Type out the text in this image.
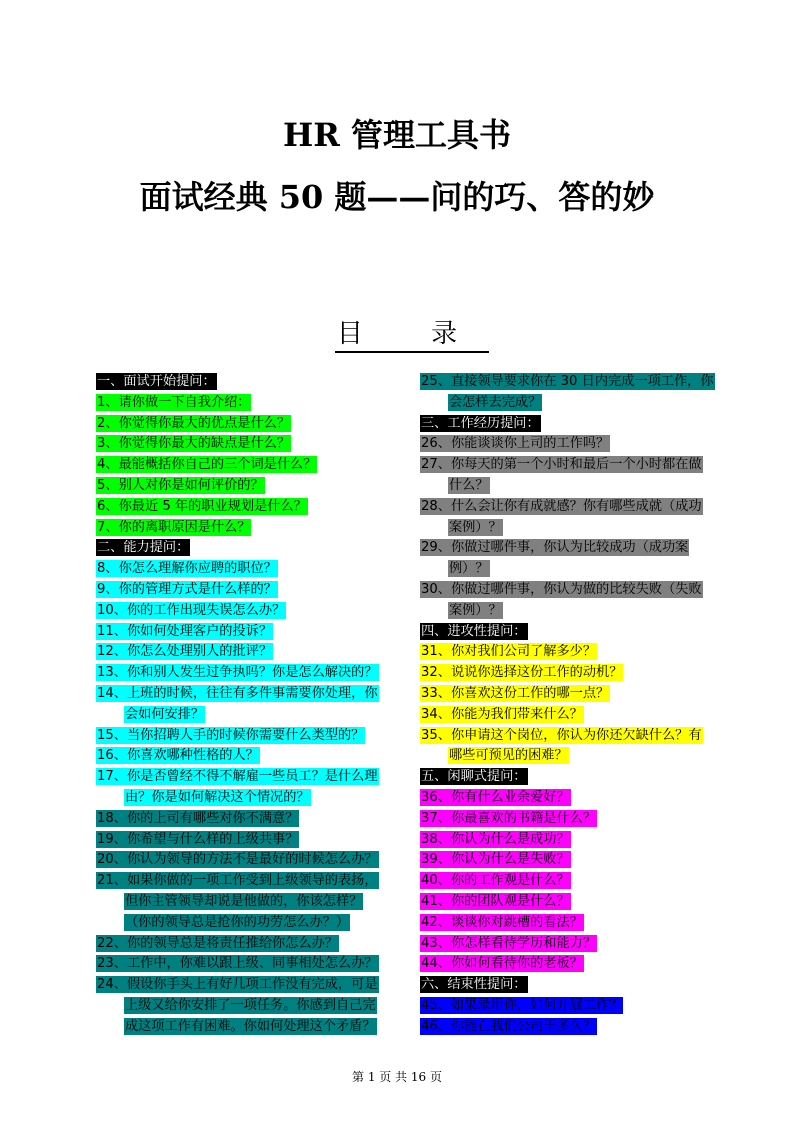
HR 管理工具书
面试经典 50 题——问的巧、答的妙
目 录
一、面试开始提问：
1、请你做一下自我介绍：
2、你觉得你最大的优点是什么？
3、你觉得你最大的缺点是什么？
4、最能概括你自己的三个词是什么？
5、别人对你是如何评价的？
6、你最近 5 年的职业规划是什么？
7、你的离职原因是什么？
二、能力提问：
8、你怎么理解你应聘的职位？
9、你的管理方式是什么样的？
10、你的工作出现失误怎么办？
11、你如何处理客户的投诉？
12、你怎么处理别人的批评？
13、你和别人发生过争执吗？你是怎么解决的？
14、上班的时候，往往有多件事需要你处理，你
会如何安排？
15、当你招聘人手的时候你需要什么类型的？
16、你喜欢哪种性格的人？
17、你是否曾经不得不解雇一些员工？是什么理
由？你是如何解决这个情况的？
18、你的上司有哪些对你不满意？
19、你希望与什么样的上级共事？
20、你认为领导的方法不是最好的时候怎么办？
21、如果你做的一项工作受到上级领导的表扬，
但你主管领导却说是他做的，你该怎样？
（你的领导总是抢你的功劳怎么办？）
22、你的领导总是将责任推给你怎么办？
23、工作中，你难以跟上级、同事相处怎么办？
24、假设你手头上有好几项工作没有完成，可是
上级又给你安排了一项任务。你感到自己完
成这项工作有困难。你如何处理这个矛盾？
25、直接领导要求你在 30 日内完成一项工作，你
会怎样去完成？
三、工作经历提问：
26、你能谈谈你上司的工作吗？
27、你每天的第一个小时和最后一个小时都在做
什么？
28、什么会让你有成就感？你有哪些成就（成功
案例）？
29、你做过哪件事，你认为比较成功（成功案
例）？
30、你做过哪件事，你认为做的比较失败（失败
案例）？
四、进攻性提问：
31、你对我们公司了解多少？
32、说说你选择这份工作的动机？
33、你喜欢这份工作的哪一点？
34、你能为我们带来什么？
35、你申请这个岗位，你认为你还欠缺什么？有
哪些可预见的困难？
五、闲聊式提问：
36、你有什么业余爱好？
37、你最喜欢的书籍是什么？
38、你认为什么是成功？
39、你认为什么是失败？
40、你的工作观是什么？
41、你的团队观是什么？
42、谈谈你对跳槽的看法？
43、你怎样看待学历和能力？
44、你如何看待你的老板？
六、结束性提问：
45、如果录用你，如何开展工作？
46、你能在我们公司干多久？
第 1 页 共 16 页
